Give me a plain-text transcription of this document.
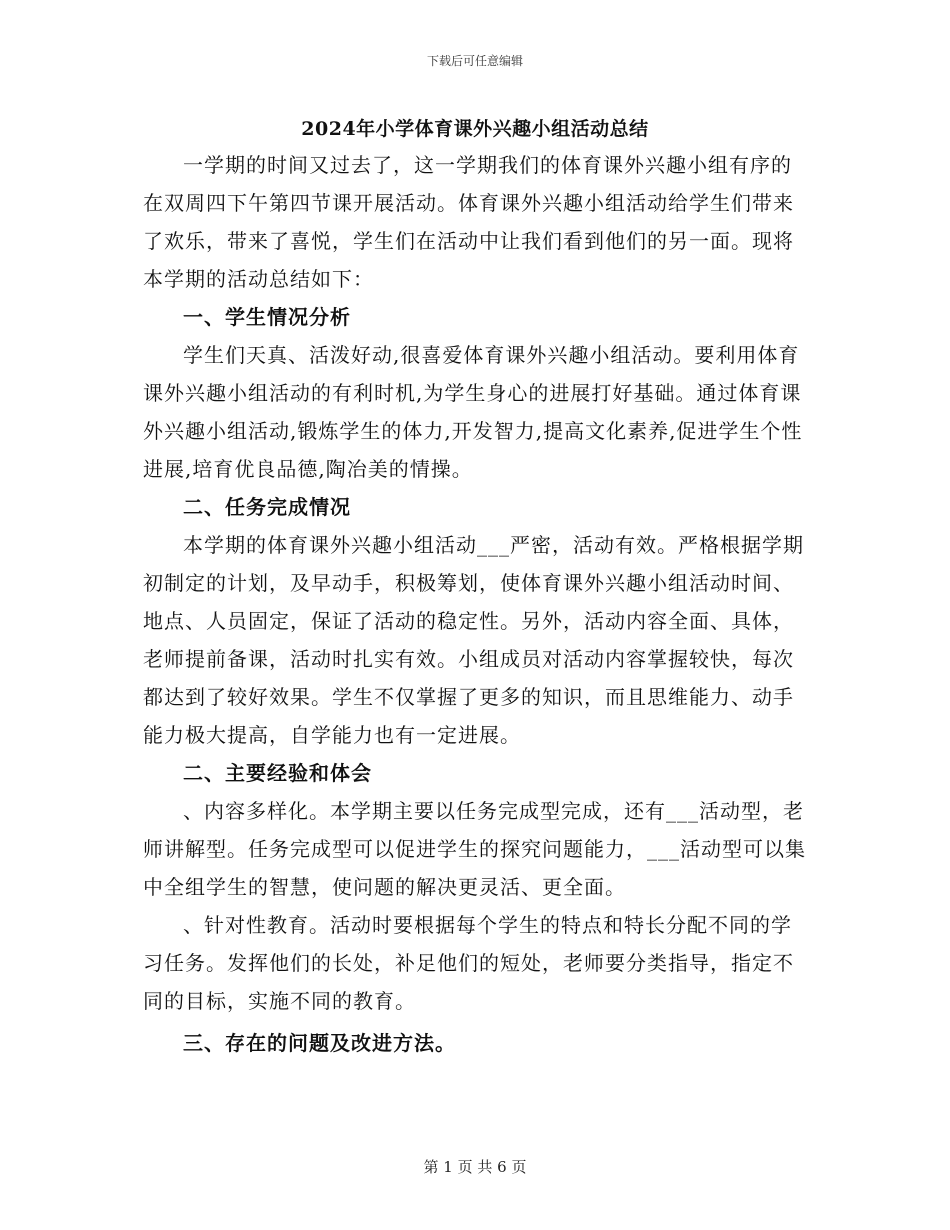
下载后可任意编辑
2024年小学体育课外兴趣小组活动总结

一学期的时间又过去了，这一学期我们的体育课外兴趣小组有序的在双周四下午第四节课开展活动。体育课外兴趣小组活动给学生们带来了欢乐，带来了喜悦，学生们在活动中让我们看到他们的另一面。现将本学期的活动总结如下：

一、学生情况分析

学生们天真、活泼好动,很喜爱体育课外兴趣小组活动。要利用体育课外兴趣小组活动的有利时机,为学生身心的进展打好基础。通过体育课外兴趣小组活动,锻炼学生的体力,开发智力,提高文化素养,促进学生个性进展,培育优良品德,陶冶美的情操。

二、任务完成情况

本学期的体育课外兴趣小组活动___严密，活动有效。严格根据学期初制定的计划，及早动手，积极筹划，使体育课外兴趣小组活动时间、地点、人员固定，保证了活动的稳定性。另外，活动内容全面、具体，老师提前备课，活动时扎实有效。小组成员对活动内容掌握较快，每次都达到了较好效果。学生不仅掌握了更多的知识，而且思维能力、动手能力极大提高，自学能力也有一定进展。

二、主要经验和体会

、内容多样化。本学期主要以任务完成型完成，还有___活动型，老师讲解型。任务完成型可以促进学生的探究问题能力，___活动型可以集中全组学生的智慧，使问题的解决更灵活、更全面。

、针对性教育。活动时要根据每个学生的特点和特长分配不同的学习任务。发挥他们的长处，补足他们的短处，老师要分类指导，指定不同的目标，实施不同的教育。

三、存在的问题及改进方法。
第 1 页 共 6 页
